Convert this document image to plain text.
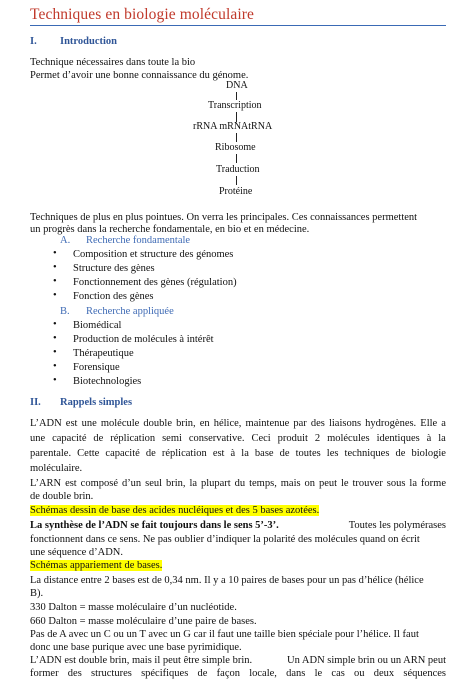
Techniques en biologie moléculaire
I. Introduction
Technique nécessaires dans toute la bio
Permet d’avoir une bonne connaissance du génome.
DNA
Transcription
rRNA mRNAtRNA
Ribosome
Traduction
Protéine
Techniques de plus en plus pointues. On verra les principales. Ces connaissances permettent
un progrès dans la recherche fondamentale, en bio et en médecine.
A. Recherche fondamentale
• Composition et structure des génomes
• Structure des gènes
• Fonctionnement des gènes (régulation)
• Fonction des gènes
B. Recherche appliquée
• Biomédical
• Production de molécules à intérêt
• Thérapeutique
• Forensique
• Biotechnologies
II. Rappels simples
L’ADN est une molécule double brin, en hélice, maintenue par des liaisons hydrogènes. Elle a
une capacité de réplication semi conservative. Ceci produit 2 molécules identiques à la
parentale. Cette capacité de réplication est à la base de toutes les techniques de biologie
moléculaire.
L’ARN est composé d’un seul brin, la plupart du temps, mais on peut le trouver sous la forme
de double brin.
Schémas dessin de base des acides nucléiques et des 5 bases azotées.
La synthèse de l’ADN se fait toujours dans le sens 5’-3’.	Toutes les polymérases
fonctionnent dans ce sens. Ne pas oublier d’indiquer la polarité des molécules quand on écrit
une séquence d’ADN.
Schémas appariement de bases.
La distance entre 2 bases est de 0,34 nm. Il y a 10 paires de bases pour un pas d’hélice (hélice
B).
330 Dalton = masse moléculaire d’un nucléotide.
660 Dalton = masse moléculaire d’une paire de bases.
Pas de A avec un C ou un T avec un G car il faut une taille bien spéciale pour l’hélice. Il faut
donc une base purique avec une base pyrimidique.
L’ADN est double brin, mais il peut être simple brin.	Un ADN simple brin ou un ARN peut
former des structures spécifiques de façon locale, dans le cas ou deux séquences
